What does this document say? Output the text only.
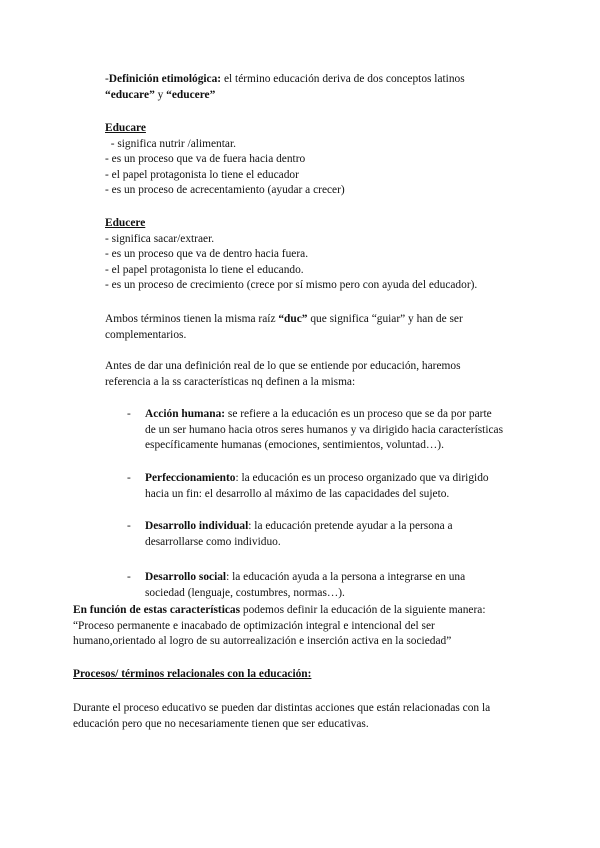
-Definición etimológica: el término educación deriva de dos conceptos latinos
“educare” y “educere”
Educare
- significa nutrir /alimentar.
- es un proceso que va de fuera hacia dentro
- el papel protagonista lo tiene el educador
- es un proceso de acrecentamiento (ayudar a crecer)
Educere
- significa sacar/extraer.
- es un proceso que va de dentro hacia fuera.
- el papel protagonista lo tiene el educando.
- es un proceso de crecimiento (crece por sí mismo pero con ayuda del educador).
Ambos términos tienen la misma raíz “duc” que significa “guiar” y han de ser
complementarios.
Antes de dar una definición real de lo que se entiende por educación, haremos
referencia a la ss características nq definen a la misma:
- Acción humana: se refiere a la educación es un proceso que se da por parte
de un ser humano hacia otros seres humanos y va dirigido hacia características
específicamente humanas (emociones, sentimientos, voluntad…).
- Perfeccionamiento: la educación es un proceso organizado que va dirigido
hacia un fin: el desarrollo al máximo de las capacidades del sujeto.
- Desarrollo individual: la educación pretende ayudar a la persona a
desarrollarse como individuo.
- Desarrollo social: la educación ayuda a la persona a integrarse en una
sociedad (lenguaje, costumbres, normas…).
En función de estas características podemos definir la educación de la siguiente manera:
“Proceso permanente e inacabado de optimización integral e intencional del ser
humano,orientado al logro de su autorrealización e inserción activa en la sociedad”
Procesos/ términos relacionales con la educación:
Durante el proceso educativo se pueden dar distintas acciones que están relacionadas con la
educación pero que no necesariamente tienen que ser educativas.
